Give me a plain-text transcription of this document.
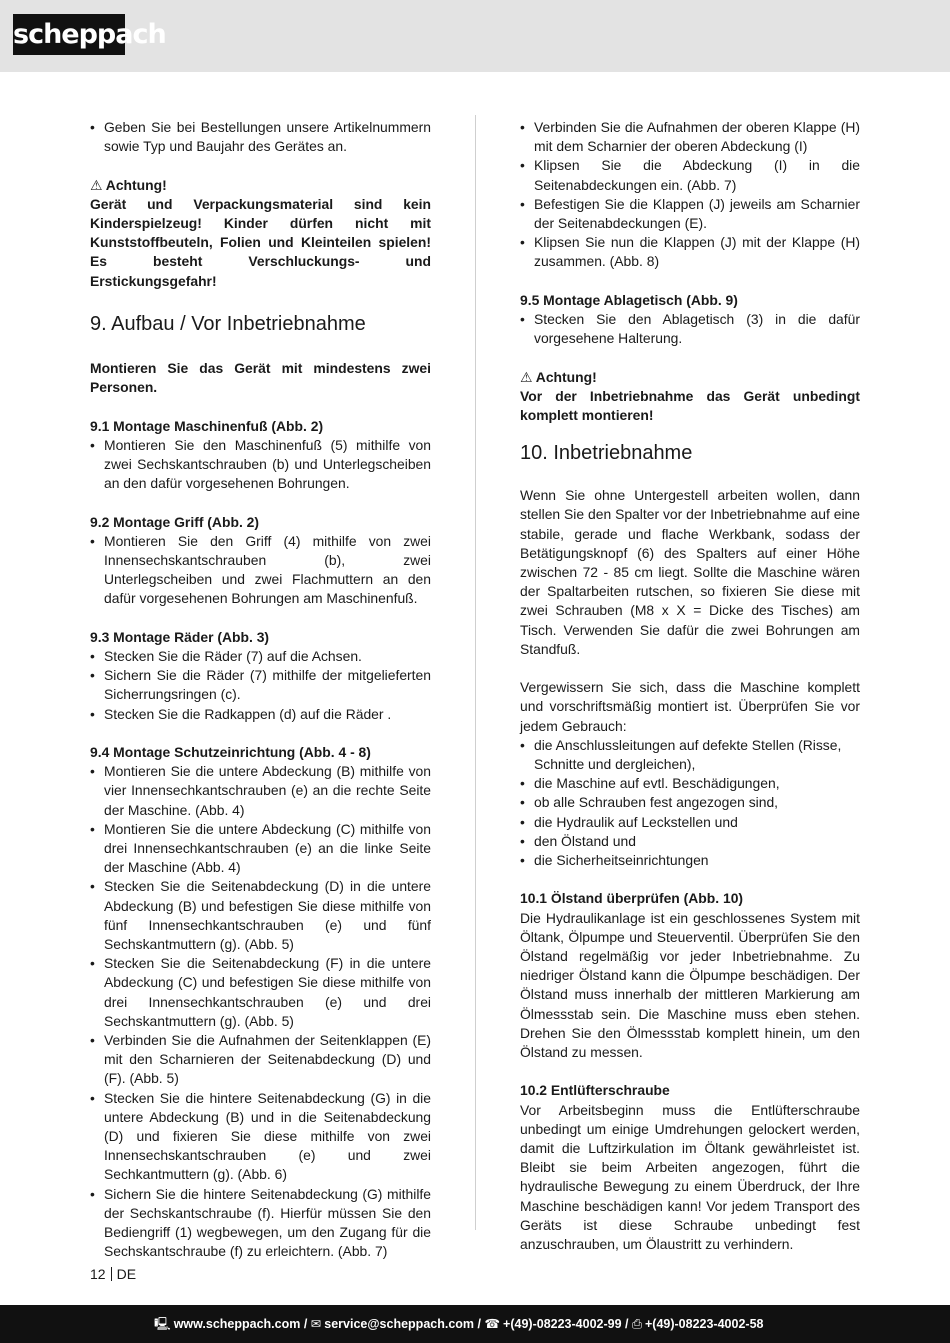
scheppach
• Geben Sie bei Bestellungen unsere Artikelnummern sowie Typ und Baujahr des Gerätes an.

⚠ Achtung!

Gerät und Verpackungsmaterial sind kein Kinderspielzeug! Kinder dürfen nicht mit Kunststoffbeuteln, Folien und Kleinteilen spielen! Es besteht Verschluckungs- und Erstickungsgefahr!

9. Aufbau / Vor Inbetriebnahme

Montieren Sie das Gerät mit mindestens zwei Personen.

9.1 Montage Maschinenfuß (Abb. 2)

• Montieren Sie den Maschinenfuß (5) mithilfe von zwei Sechskantschrauben (b) und Unterlegscheiben an den dafür vorgesehenen Bohrungen.

9.2 Montage Griff (Abb. 2)

• Montieren Sie den Griff (4) mithilfe von zwei Innensechskantschrauben (b), zwei Unterlegscheiben und zwei Flachmuttern an den dafür vorgesehenen Bohrungen am Maschinenfuß.

9.3 Montage Räder (Abb. 3)

• Stecken Sie die Räder (7) auf die Achsen.
• Sichern Sie die Räder (7) mithilfe der mitgelieferten Sicherrungsringen (c).
• Stecken Sie die Radkappen (d) auf die Räder .

9.4 Montage Schutzeinrichtung (Abb. 4 - 8)

• Montieren Sie die untere Abdeckung (B) mithilfe von vier Innensechkantschrauben (e) an die rechte Seite der Maschine. (Abb. 4)
• Montieren Sie die untere Abdeckung (C) mithilfe von drei Innensechkantschrauben (e) an die linke Seite der Maschine (Abb. 4)
• Stecken Sie die Seitenabdeckung (D) in die untere Abdeckung (B) und befestigen Sie diese mithilfe von fünf Innensechkantschrauben (e) und fünf Sechskantmuttern (g). (Abb. 5)
• Stecken Sie die Seitenabdeckung (F) in die untere Abdeckung (C) und befestigen Sie diese mithilfe von drei Innensechkantschrauben (e) und drei Sechskantmuttern (g). (Abb. 5)
• Verbinden Sie die Aufnahmen der Seitenklappen (E) mit den Scharnieren der Seitenabdeckung (D) und (F). (Abb. 5)
• Stecken Sie die hintere Seitenabdeckung (G) in die untere Abdeckung (B) und in die Seitenabdeckung (D) und fixieren Sie diese mithilfe von zwei Innensechskantschrauben (e) und zwei Sechkantmuttern (g). (Abb. 6)
• Sichern Sie die hintere Seitenabdeckung (G) mithilfe der Sechskantschraube (f). Hierfür müssen Sie den Bediengriff (1) wegbewegen, um den Zugang für die Sechskantschraube (f) zu erleichtern. (Abb. 7)
• Verbinden Sie die Aufnahmen der oberen Klappe (H) mit dem Scharnier der oberen Abdeckung (I)
• Klipsen Sie die Abdeckung (I) in die Seitenabdeckungen ein. (Abb. 7)
• Befestigen Sie die Klappen (J) jeweils am Scharnier der Seitenabdeckungen (E).
• Klipsen Sie nun die Klappen (J) mit der Klappe (H) zusammen. (Abb. 8)

9.5 Montage Ablagetisch (Abb. 9)

• Stecken Sie den Ablagetisch (3) in die dafür vorgesehene Halterung.

⚠ Achtung!

Vor der Inbetriebnahme das Gerät unbedingt komplett montieren!

10. Inbetriebnahme

Wenn Sie ohne Untergestell arbeiten wollen, dann stellen Sie den Spalter vor der Inbetriebnahme auf eine stabile, gerade und flache Werkbank, sodass der Betätigungsknopf (6) des Spalters auf einer Höhe zwischen 72 - 85 cm liegt. Sollte die Maschine wären der Spaltarbeiten rutschen, so fixieren Sie diese mit zwei Schrauben (M8 x X = Dicke des Tisches) am Tisch. Verwenden Sie dafür die zwei Bohrungen am Standfuß.

Vergewissern Sie sich, dass die Maschine komplett und vorschriftsmäßig montiert ist. Überprüfen Sie vor jedem Gebrauch:

• die Anschlussleitungen auf defekte Stellen (Risse, Schnitte und dergleichen),
• die Maschine auf evtl. Beschädigungen,
• ob alle Schrauben fest angezogen sind,
• die Hydraulik auf Leckstellen und
• den Ölstand und
• die Sicherheitseinrichtungen

10.1 Ölstand überprüfen (Abb. 10)

Die Hydraulikanlage ist ein geschlossenes System mit Öltank, Ölpumpe und Steuerventil. Überprüfen Sie den Ölstand regelmäßig vor jeder Inbetriebnahme. Zu niedriger Ölstand kann die Ölpumpe beschädigen. Der Ölstand muss innerhalb der mittleren Markierung am Ölmessstab sein. Die Maschine muss eben stehen. Drehen Sie den Ölmessstab komplett hinein, um den Ölstand zu messen.

10.2 Entlüfterschraube

Vor Arbeitsbeginn muss die Entlüfterschraube unbedingt um einige Umdrehungen gelockert werden, damit die Luftzirkulation im Öltank gewährleistet ist. Bleibt sie beim Arbeiten angezogen, führt die hydraulische Bewegung zu einem Überdruck, der Ihre Maschine beschädigen kann! Vor jedem Transport des Geräts ist diese Schraube unbedingt fest anzuschrauben, um Ölaustritt zu verhindern.

12 DE
🖳 www.scheppach.com / ✉ service@scheppach.com / ☎ +(49)-08223-4002-99 / ⎙ +(49)-08223-4002-58
